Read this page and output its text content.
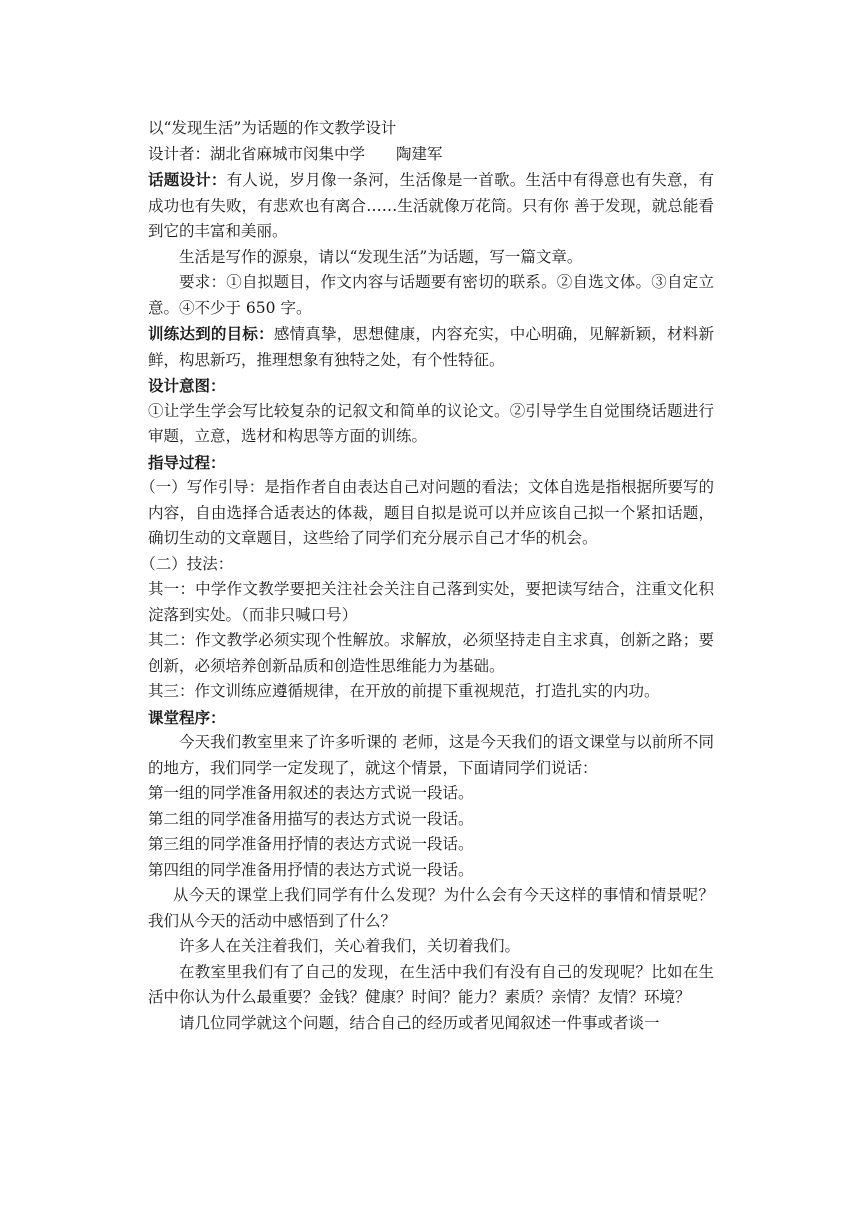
以“发现生活”为话题的作文教学设计

设计者：湖北省麻城市闵集中学　　陶建军

话题设计：有人说，岁月像一条河，生活像是一首歌。生活中有得意也有失意，有成功也有失败，有悲欢也有离合……生活就像万花筒。只有你 善于发现，就总能看到它的丰富和美丽。

生活是写作的源泉，请以“发现生活”为话题，写一篇文章。

要求：①自拟题目，作文内容与话题要有密切的联系。②自选文体。③自定立意。④不少于 650 字。

训练达到的目标：感情真挚，思想健康，内容充实，中心明确，见解新颖，材料新鲜，构思新巧，推理想象有独特之处，有个性特征。

设计意图：

①让学生学会写比较复杂的记叙文和简单的议论文。②引导学生自觉围绕话题进行审题，立意，选材和构思等方面的训练。

指导过程：

（一）写作引导：是指作者自由表达自己对问题的看法；文体自选是指根据所要写的内容，自由选择合适表达的体裁，题目自拟是说可以并应该自己拟一个紧扣话题，确切生动的文章题目，这些给了同学们充分展示自己才华的机会。

（二）技法：

其一：中学作文教学要把关注社会关注自己落到实处，要把读写结合，注重文化积淀落到实处。（而非只喊口号）

其二：作文教学必须实现个性解放。求解放，必须坚持走自主求真，创新之路；要创新，必须培养创新品质和创造性思维能力为基础。

其三：作文训练应遵循规律，在开放的前提下重视规范，打造扎实的内功。

课堂程序：

今天我们教室里来了许多听课的 老师，这是今天我们的语文课堂与以前所不同的地方，我们同学一定发现了，就这个情景，下面请同学们说话：

第一组的同学准备用叙述的表达方式说一段话。

第二组的同学准备用描写的表达方式说一段话。

第三组的同学准备用抒情的表达方式说一段话。

第四组的同学准备用抒情的表达方式说一段话。

从今天的课堂上我们同学有什么发现？为什么会有今天这样的事情和情景呢？我们从今天的活动中感悟到了什么？

许多人在关注着我们，关心着我们，关切着我们。

在教室里我们有了自己的发现，在生活中我们有没有自己的发现呢？比如在生活中你认为什么最重要？金钱？健康？时间？能力？素质？亲情？友情？环境？

请几位同学就这个问题，结合自己的经历或者见闻叙述一件事或者谈一
